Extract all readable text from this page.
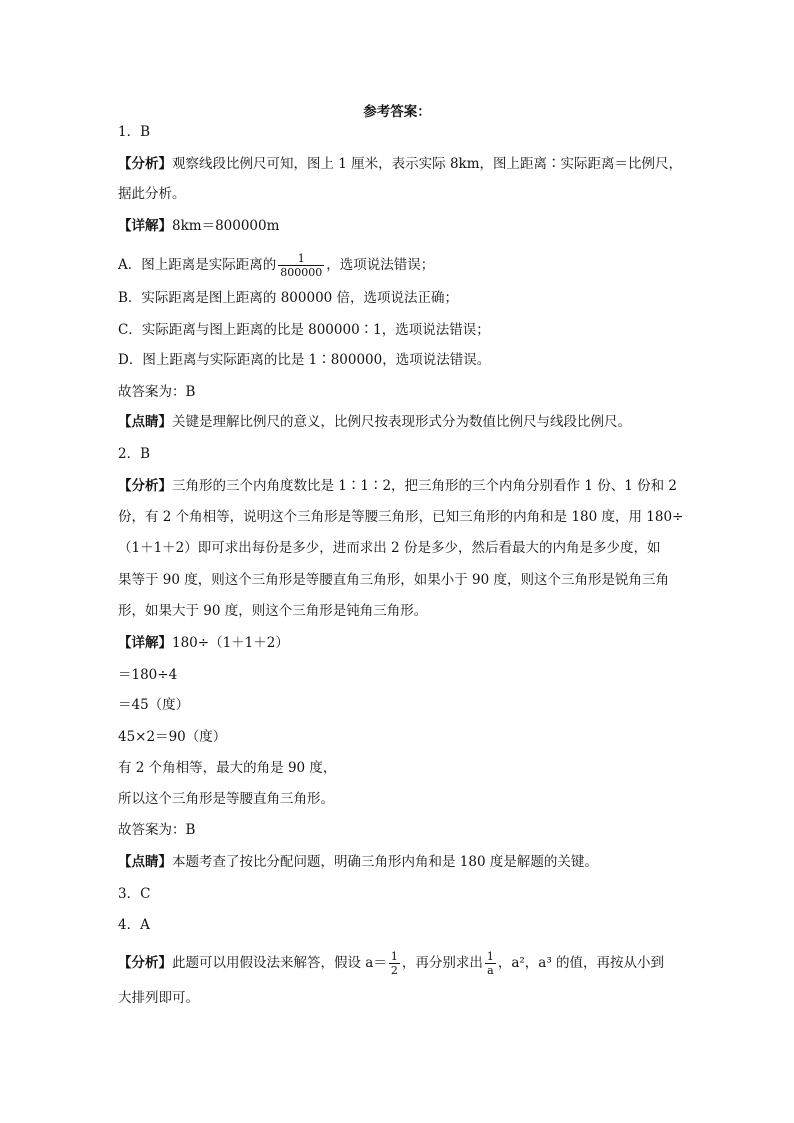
参考答案：
1．B
【分析】观察线段比例尺可知，图上 1 厘米，表示实际 8km，图上距离∶实际距离＝比例尺，
据此分析。
【详解】8km＝800000m
A．图上距离是实际距离的 $\frac{1}{800000}$ ，选项说法错误；
B．实际距离是图上距离的 800000 倍，选项说法正确；
C．实际距离与图上距离的比是 800000∶1，选项说法错误；
D．图上距离与实际距离的比是 1∶800000，选项说法错误。
故答案为：B
【点睛】关键是理解比例尺的意义，比例尺按表现形式分为数值比例尺与线段比例尺。
2．B
【分析】三角形的三个内角度数比是 1∶1∶2，把三角形的三个内角分别看作 1 份、1 份和 2
份，有 2 个角相等，说明这个三角形是等腰三角形，已知三角形的内角和是 180 度，用 180÷
（1＋1＋2）即可求出每份是多少，进而求出 2 份是多少，然后看最大的内角是多少度，如
果等于 90 度，则这个三角形是等腰直角三角形，如果小于 90 度，则这个三角形是锐角三角
形，如果大于 90 度，则这个三角形是钝角三角形。
【详解】180÷（1＋1＋2）
＝180÷4
＝45（度）
45×2＝90（度）
有 2 个角相等，最大的角是 90 度，
所以这个三角形是等腰直角三角形。
故答案为：B
【点睛】本题考查了按比分配问题，明确三角形内角和是 180 度是解题的关键。
3．C
4．A
【分析】此题可以用假设法来解答，假设 $a= \frac{1}{2}$ ，再分别求出 $\frac{1}{a}$ ，a²，a³ 的值，再按从小到
大排列即可。
